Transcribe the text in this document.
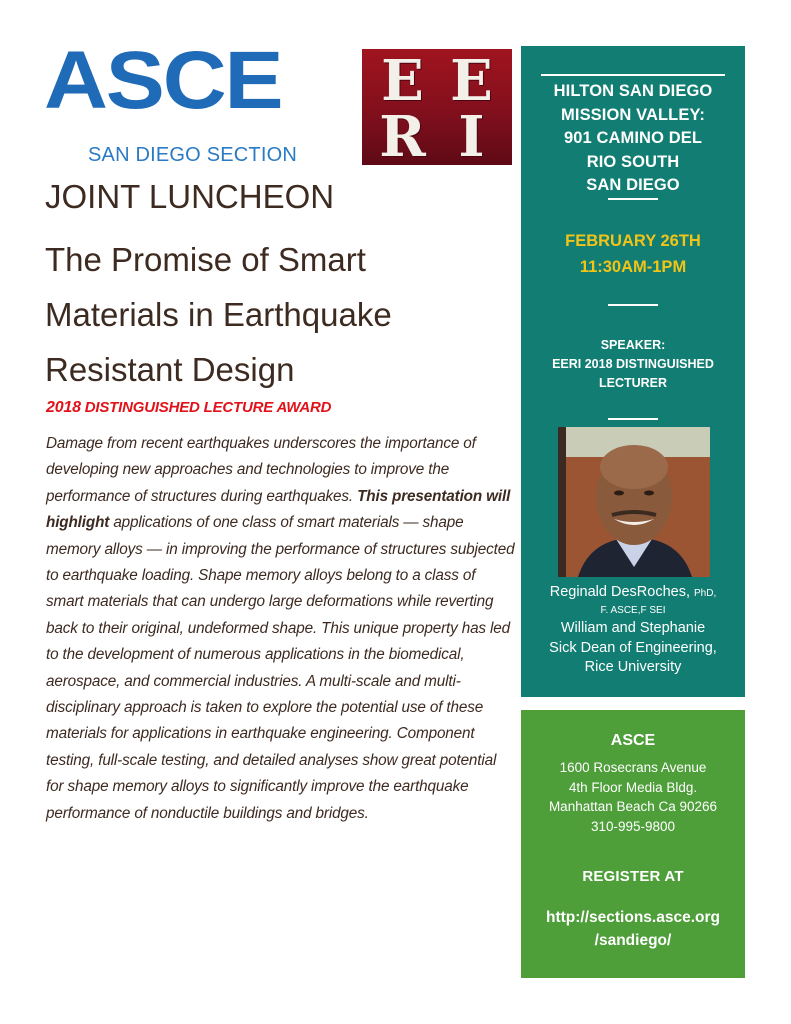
ASCE
SAN DIEGO SECTION
E E
R I
JOINT LUNCHEON
The Promise of Smart
Materials in Earthquake
Resistant Design
2018 DISTINGUISHED LECTURE AWARD

Damage from recent earthquakes underscores the importance of developing new approaches and technologies to improve the performance of structures during earthquakes. This presentation will highlight applications of one class of smart materials — shape memory alloys — in improving the performance of structures subjected to earthquake loading. Shape memory alloys belong to a class of smart materials that can undergo large deformations while reverting back to their original, undeformed shape. This unique property has led to the development of numerous applications in the biomedical, aerospace, and commercial industries. A multi-scale and multi-disciplinary approach is taken to explore the potential use of these materials for applications in earthquake engineering. Component testing, full-scale testing, and detailed analyses show great potential for shape memory alloys to significantly improve the earthquake performance of nonductile buildings and bridges.

HILTON SAN DIEGO
MISSION VALLEY:
901 CAMINO DEL
RIO SOUTH
SAN DIEGO
FEBRUARY 26TH
11:30AM-1PM
SPEAKER:
EERI 2018 DISTINGUISHED
LECTURER
Reginald DesRoches, PhD,
F. ASCE,F SEI
William and Stephanie
Sick Dean of Engineering,
Rice University
ASCE
1600 Rosecrans Avenue
4th Floor Media Bldg.
Manhattan Beach Ca 90266
310-995-9800
REGISTER AT
http://sections.asce.org
/sandiego/
